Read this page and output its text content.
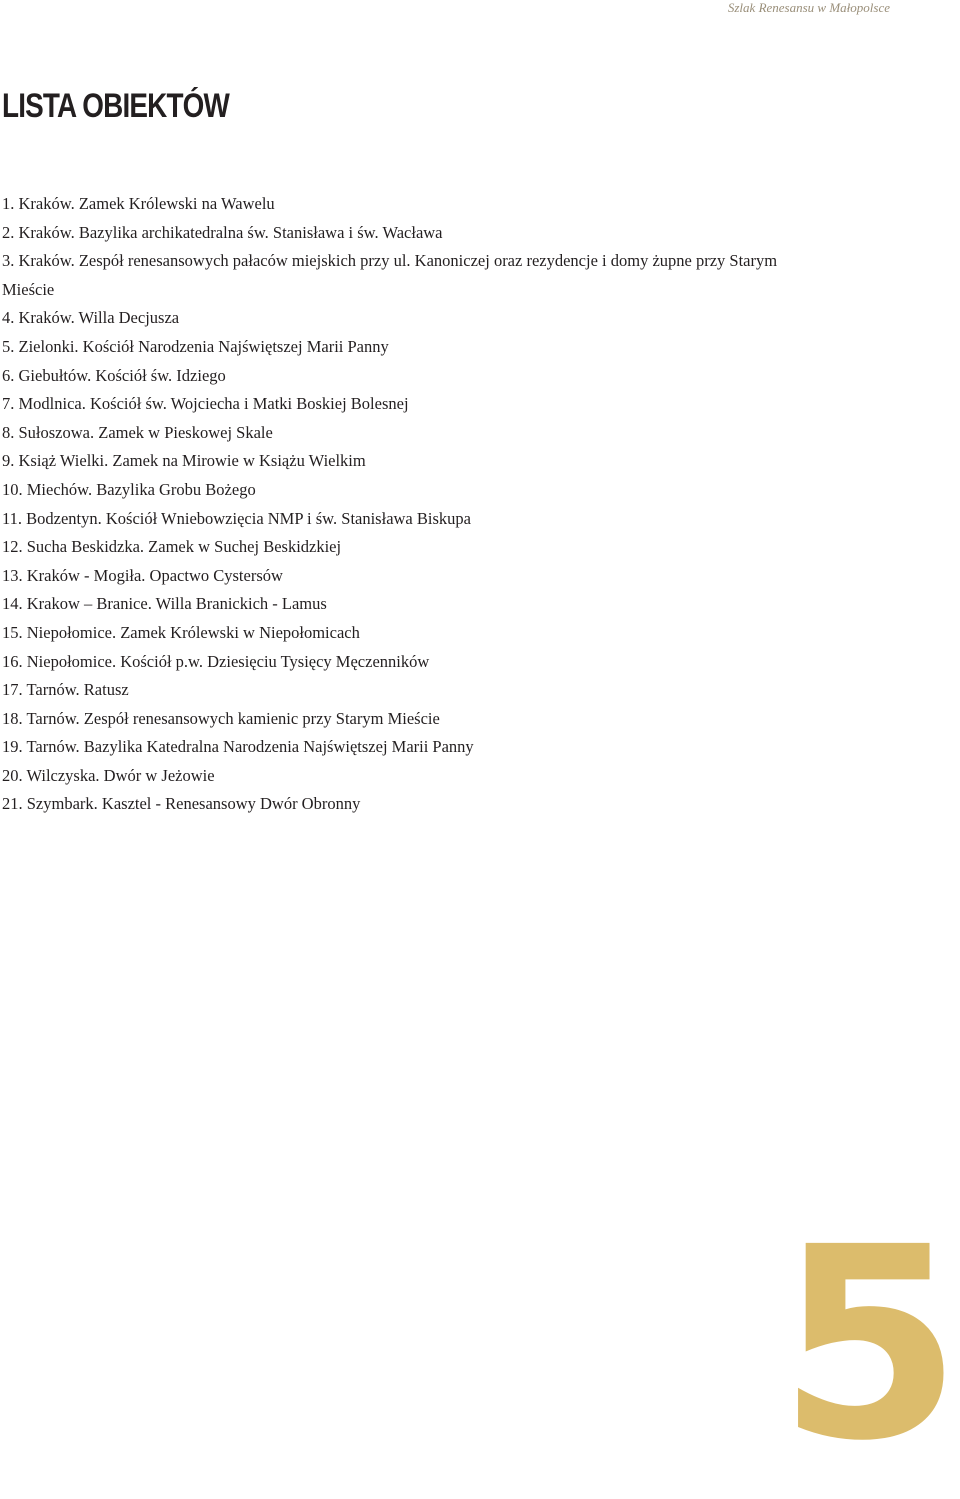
Szlak Renesansu w Małopolsce
LISTA OBIEKTÓW
1. Kraków. Zamek Królewski na Wawelu
2. Kraków. Bazylika archikatedralna św. Stanisława i św. Wacława
3. Kraków. Zespół renesansowych pałaców miejskich przy ul. Kanoniczej oraz rezydencje i domy żupne przy Starym Mieście
4. Kraków. Willa Decjusza
5. Zielonki. Kościół Narodzenia Najświętszej Marii Panny
6. Giebułtów. Kościół św. Idziego
7. Modlnica. Kościół św. Wojciecha i Matki Boskiej Bolesnej
8. Sułoszowa. Zamek w Pieskowej Skale
9. Książ Wielki. Zamek na Mirowie w Książu Wielkim
10. Miechów. Bazylika Grobu Bożego
11. Bodzentyn. Kościół Wniebowzięcia NMP i św. Stanisława Biskupa
12. Sucha Beskidzka. Zamek w Suchej Beskidzkiej
13. Kraków - Mogiła. Opactwo Cystersów
14. Krakow – Branice. Willa Branickich - Lamus
15. Niepołomice. Zamek Królewski w Niepołomicach
16. Niepołomice. Kościół p.w. Dziesięciu Tysięcy Męczenników
17. Tarnów. Ratusz
18. Tarnów. Zespół renesansowych kamienic przy Starym Mieście
19. Tarnów. Bazylika Katedralna Narodzenia Najświętszej Marii Panny
20. Wilczyska. Dwór w Jeżowie
21. Szymbark. Kasztel - Renesansowy Dwór Obronny
5
